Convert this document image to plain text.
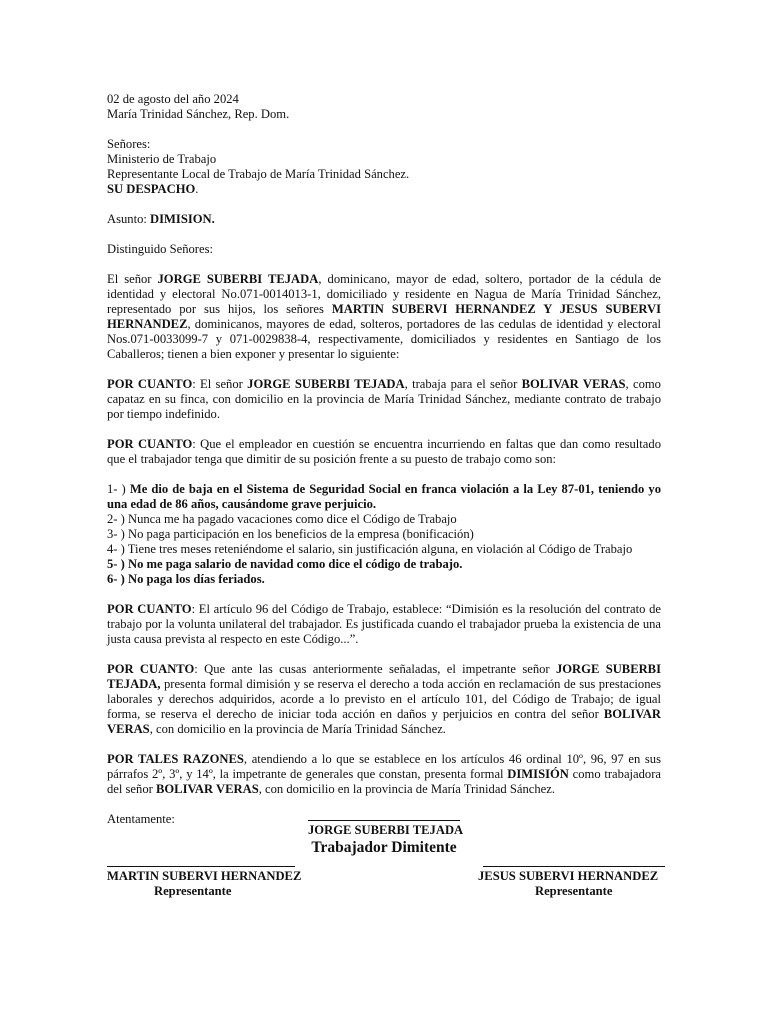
02 de agosto del año 2024

María Trinidad Sánchez, Rep. Dom.

Señores:

Ministerio de Trabajo

Representante Local de Trabajo de María Trinidad Sánchez.

SU DESPACHO.

Asunto: DIMISION.

Distinguido Señores:

El señor JORGE SUBERBI TEJADA, dominicano, mayor de edad, soltero, portador de la cédula de identidad y electoral No.071-0014013-1, domiciliado y residente en Nagua de María Trinidad Sánchez, representado por sus hijos, los señores MARTIN SUBERVI HERNANDEZ Y JESUS SUBERVI HERNANDEZ, dominicanos, mayores de edad, solteros, portadores de las cedulas de identidad y electoral Nos.071-0033099-7 y 071-0029838-4, respectivamente, domiciliados y residentes en Santiago de los Caballeros; tienen a bien exponer y presentar lo siguiente:

POR CUANTO: El señor JORGE SUBERBI TEJADA, trabaja para el señor BOLIVAR VERAS, como capataz en su finca, con domicilio en la provincia de María Trinidad Sánchez, mediante contrato de trabajo por tiempo indefinido.

POR CUANTO: Que el empleador en cuestión se encuentra incurriendo en faltas que dan como resultado que el trabajador tenga que dimitir de su posición frente a su puesto de trabajo como son:

1- ) Me dio de baja en el Sistema de Seguridad Social en franca violación a la Ley 87-01, teniendo yo una edad de 86 años, causándome grave perjuicio.

2- ) Nunca me ha pagado vacaciones como dice el Código de Trabajo

3- ) No paga participación en los beneficios de la empresa (bonificación)

4- ) Tiene tres meses reteniéndome el salario, sin justificación alguna, en violación al Código de Trabajo

5- ) No me paga salario de navidad como dice el código de trabajo.

6- ) No paga los días feriados.

POR CUANTO: El artículo 96 del Código de Trabajo, establece: “Dimisión es la resolución del contrato de trabajo por la volunta unilateral del trabajador. Es justificada cuando el trabajador prueba la existencia de una justa causa prevista al respecto en este Código...”.

POR CUANTO: Que ante las cusas anteriormente señaladas, el impetrante señor JORGE SUBERBI TEJADA, presenta formal dimisión y se reserva el derecho a toda acción en reclamación de sus prestaciones laborales y derechos adquiridos, acorde a lo previsto en el artículo 101, del Código de Trabajo; de igual forma, se reserva el derecho de iniciar toda acción en daños y perjuicios en contra del señor BOLIVAR VERAS, con domicilio en la provincia de María Trinidad Sánchez.

POR TALES RAZONES, atendiendo a lo que se establece en los artículos 46 ordinal 10º, 96, 97 en sus párrafos 2º, 3º, y 14º, la impetrante de generales que constan, presenta formal DIMISIÓN como trabajadora del señor BOLIVAR VERAS, con domicilio en la provincia de María Trinidad Sánchez.

Atentamente:

JORGE SUBERBI TEJADA
Trabajador Dimitente
MARTIN SUBERVI HERNANDEZ
Representante
JESUS SUBERVI HERNANDEZ
Representante
